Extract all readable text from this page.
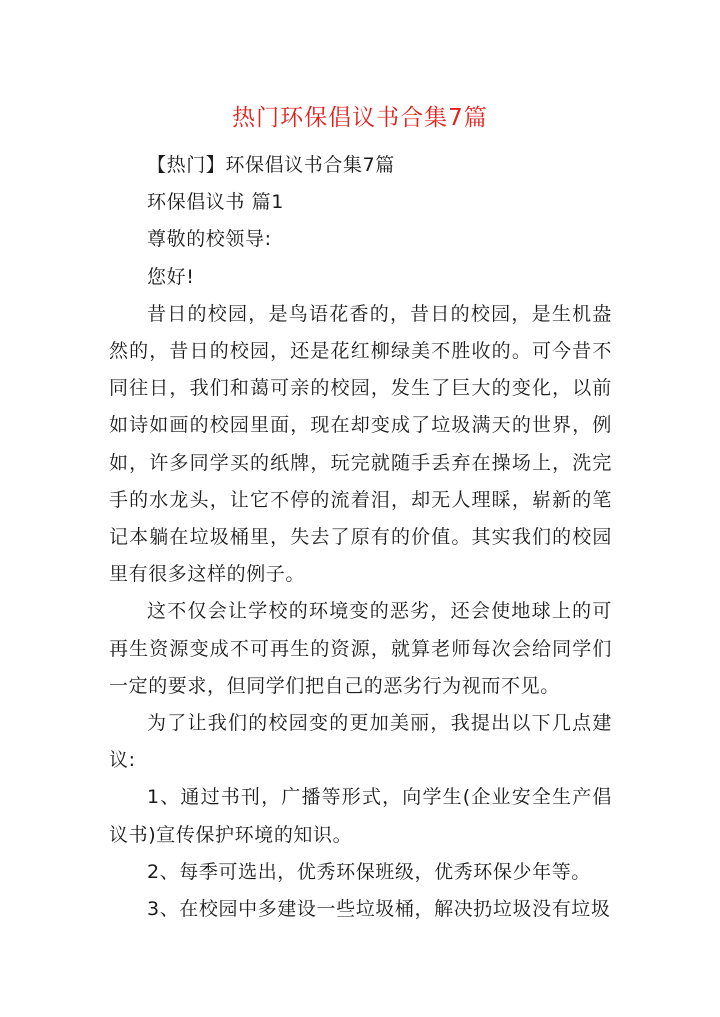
热门环保倡议书合集7篇

【热门】环保倡议书合集7篇

环保倡议书 篇1

尊敬的校领导:

您好!

昔日的校园，是鸟语花香的，昔日的校园，是生机盎然的，昔日的校园，还是花红柳绿美不胜收的。可今昔不同往日，我们和蔼可亲的校园，发生了巨大的变化，以前如诗如画的校园里面，现在却变成了垃圾满天的世界，例如，许多同学买的纸牌，玩完就随手丢弃在操场上，洗完手的水龙头，让它不停的流着泪，却无人理睬，崭新的笔记本躺在垃圾桶里，失去了原有的价值。其实我们的校园里有很多这样的例子。

这不仅会让学校的环境变的恶劣，还会使地球上的可再生资源变成不可再生的资源，就算老师每次会给同学们一定的要求，但同学们把自己的恶劣行为视而不见。

为了让我们的校园变的更加美丽，我提出以下几点建议:

1、通过书刊，广播等形式，向学生(企业安全生产倡议书)宣传保护环境的知识。

2、每季可选出，优秀环保班级，优秀环保少年等。

3、在校园中多建设一些垃圾桶，解决扔垃圾没有垃圾
